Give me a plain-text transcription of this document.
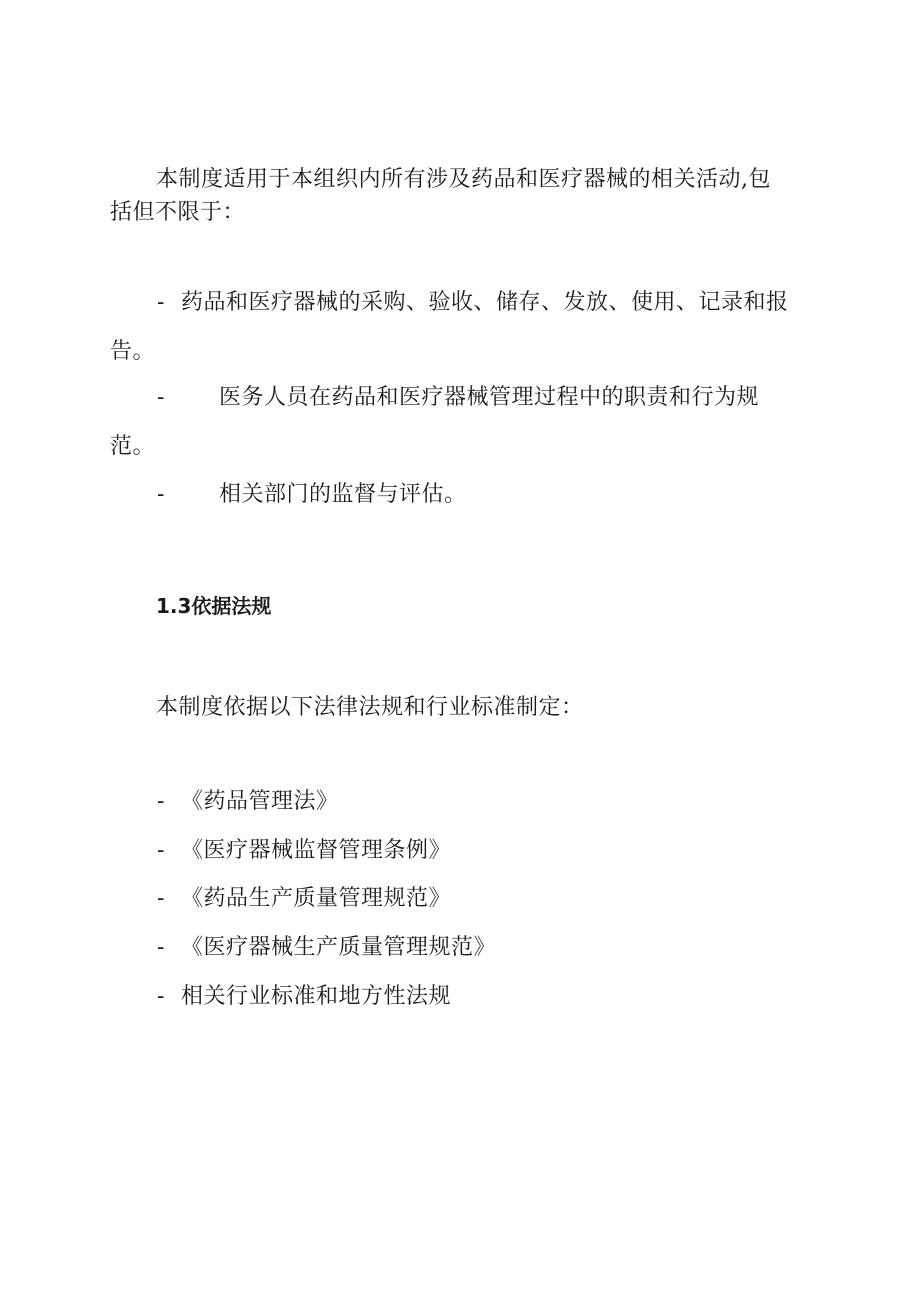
本制度适用于本组织内所有涉及药品和医疗器械的相关活动,包
括但不限于：
- 药品和医疗器械的采购、验收、储存、发放、使用、记录和报
告。
- 医务人员在药品和医疗器械管理过程中的职责和行为规
范。
- 相关部门的监督与评估。
1.3依据法规
本制度依据以下法律法规和行业标准制定：
- 《药品管理法》
- 《医疗器械监督管理条例》
- 《药品生产质量管理规范》
- 《医疗器械生产质量管理规范》
- 相关行业标准和地方性法规
